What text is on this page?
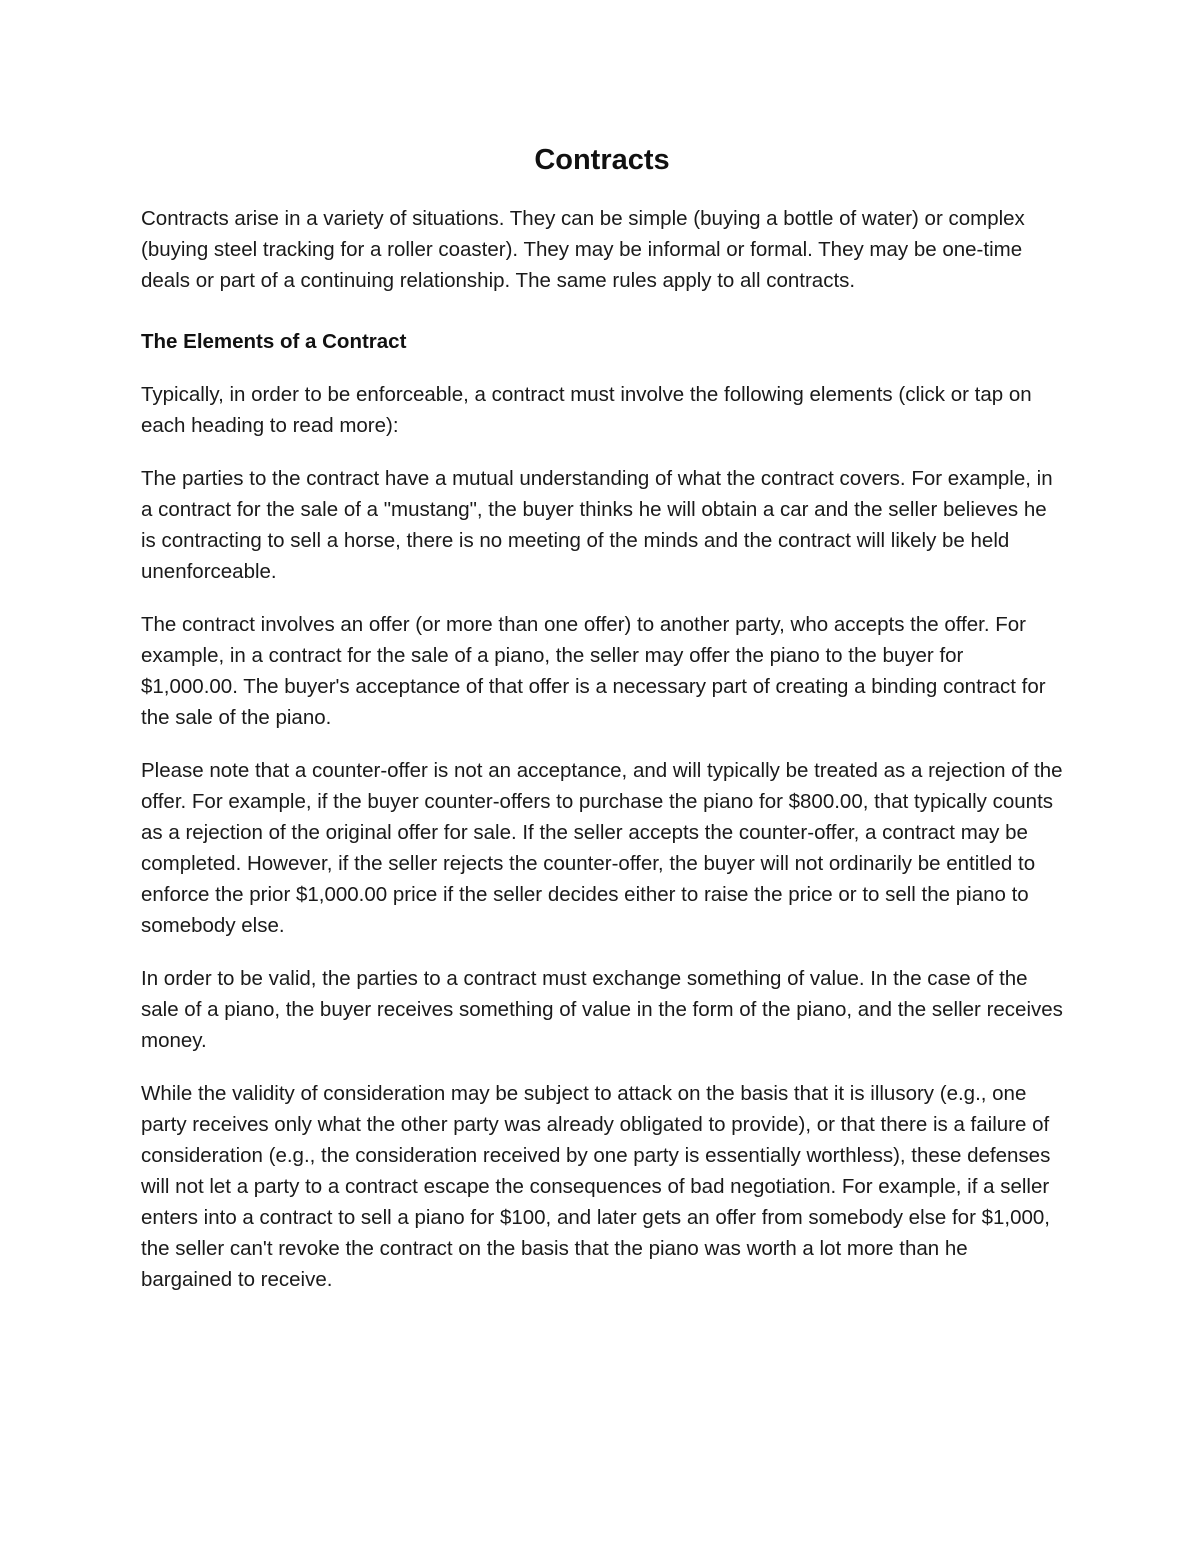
Contracts

Contracts arise in a variety of situations. They can be simple (buying a bottle of water) or complex (buying steel tracking for a roller coaster). They may be informal or formal. They may be one-time deals or part of a continuing relationship. The same rules apply to all contracts.

The Elements of a Contract

Typically, in order to be enforceable, a contract must involve the following elements (click or tap on each heading to read more):

The parties to the contract have a mutual understanding of what the contract covers. For example, in a contract for the sale of a "mustang", the buyer thinks he will obtain a car and the seller believes he is contracting to sell a horse, there is no meeting of the minds and the contract will likely be held unenforceable.

The contract involves an offer (or more than one offer) to another party, who accepts the offer. For example, in a contract for the sale of a piano, the seller may offer the piano to the buyer for $1,000.00. The buyer's acceptance of that offer is a necessary part of creating a binding contract for the sale of the piano.

Please note that a counter-offer is not an acceptance, and will typically be treated as a rejection of the offer. For example, if the buyer counter-offers to purchase the piano for $800.00, that typically counts as a rejection of the original offer for sale. If the seller accepts the counter-offer, a contract may be completed. However, if the seller rejects the counter-offer, the buyer will not ordinarily be entitled to enforce the prior $1,000.00 price if the seller decides either to raise the price or to sell the piano to somebody else.

In order to be valid, the parties to a contract must exchange something of value. In the case of the sale of a piano, the buyer receives something of value in the form of the piano, and the seller receives money.

While the validity of consideration may be subject to attack on the basis that it is illusory (e.g., one party receives only what the other party was already obligated to provide), or that there is a failure of consideration (e.g., the consideration received by one party is essentially worthless), these defenses will not let a party to a contract escape the consequences of bad negotiation. For example, if a seller enters into a contract to sell a piano for $100, and later gets an offer from somebody else for $1,000, the seller can't revoke the contract on the basis that the piano was worth a lot more than he bargained to receive.
